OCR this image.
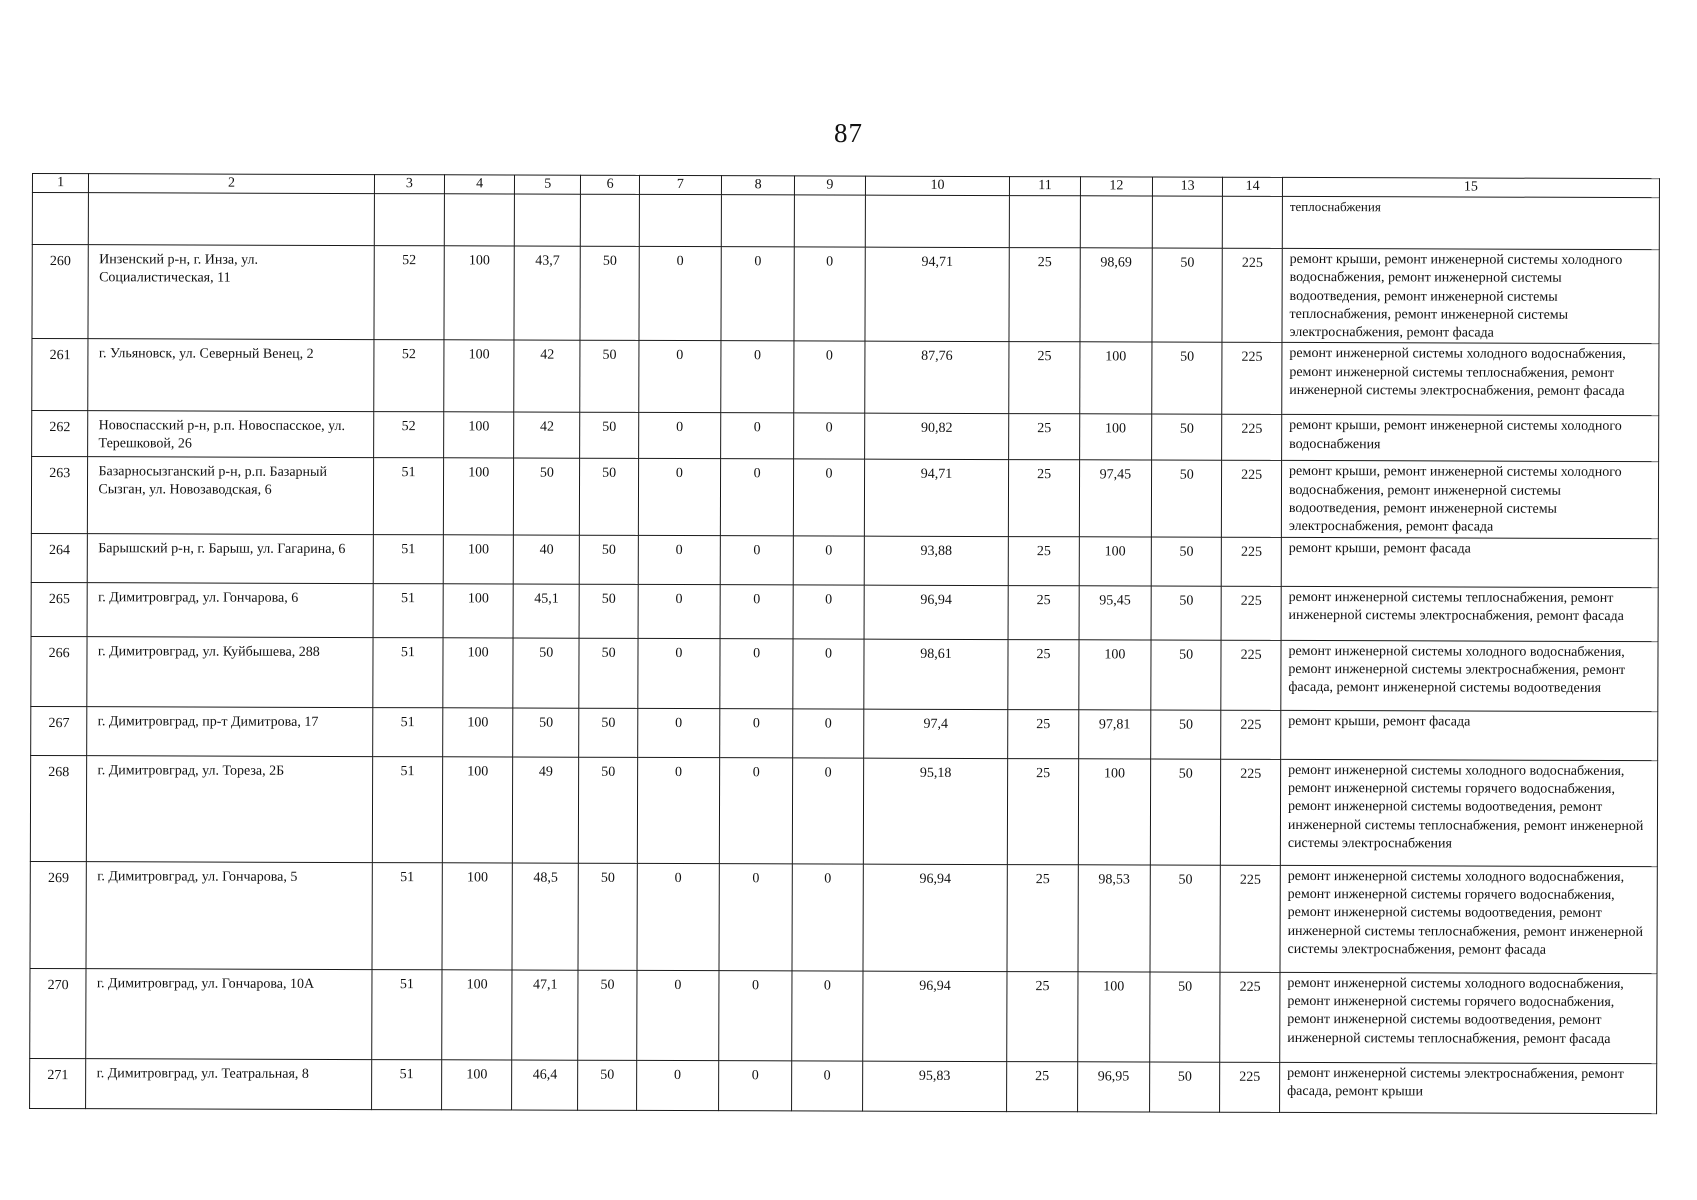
87
1	2	3	4	5	6	7	8	9	10	11	12	13	14	15
														теплоснабжения
260	Инзенский р-н, г. Инза, ул. Социалистическая, 11	52	100	43,7	50	0	0	0	94,71	25	98,69	50	225	ремонт крыши, ремонт инженерной системы холодного водоснабжения, ремонт инженерной системы водоотведения, ремонт инженерной системы теплоснабжения, ремонт инженерной системы электроснабжения, ремонт фасада
261	г. Ульяновск, ул. Северный Венец, 2	52	100	42	50	0	0	0	87,76	25	100	50	225	ремонт инженерной системы холодного водоснабжения, ремонт инженерной системы теплоснабжения, ремонт инженерной системы электроснабжения, ремонт фасада
262	Новоспасский р-н, р.п. Новоспасское, ул. Терешковой, 26	52	100	42	50	0	0	0	90,82	25	100	50	225	ремонт крыши, ремонт инженерной системы холодного водоснабжения
263	Базарносызганский р-н, р.п. Базарный Сызган, ул. Новозаводская, 6	51	100	50	50	0	0	0	94,71	25	97,45	50	225	ремонт крыши, ремонт инженерной системы холодного водоснабжения, ремонт инженерной системы водоотведения, ремонт инженерной системы электроснабжения, ремонт фасада
264	Барышский р-н, г. Барыш, ул. Гагарина, 6	51	100	40	50	0	0	0	93,88	25	100	50	225	ремонт крыши, ремонт фасада
265	г. Димитровград, ул. Гончарова, 6	51	100	45,1	50	0	0	0	96,94	25	95,45	50	225	ремонт инженерной системы теплоснабжения, ремонт инженерной системы электроснабжения, ремонт фасада
266	г. Димитровград, ул. Куйбышева, 288	51	100	50	50	0	0	0	98,61	25	100	50	225	ремонт инженерной системы холодного водоснабжения, ремонт инженерной системы электроснабжения, ремонт фасада, ремонт инженерной системы водоотведения
267	г. Димитровград, пр-т Димитрова, 17	51	100	50	50	0	0	0	97,4	25	97,81	50	225	ремонт крыши, ремонт фасада
268	г. Димитровград, ул. Тореза, 2Б	51	100	49	50	0	0	0	95,18	25	100	50	225	ремонт инженерной системы холодного водоснабжения, ремонт инженерной системы горячего водоснабжения, ремонт инженерной системы водоотведения, ремонт инженерной системы теплоснабжения, ремонт инженерной системы электроснабжения
269	г. Димитровград, ул. Гончарова, 5	51	100	48,5	50	0	0	0	96,94	25	98,53	50	225	ремонт инженерной системы холодного водоснабжения, ремонт инженерной системы горячего водоснабжения, ремонт инженерной системы водоотведения, ремонт инженерной системы теплоснабжения, ремонт инженерной системы электроснабжения, ремонт фасада
270	г. Димитровград, ул. Гончарова, 10А	51	100	47,1	50	0	0	0	96,94	25	100	50	225	ремонт инженерной системы холодного водоснабжения, ремонт инженерной системы горячего водоснабжения, ремонт инженерной системы водоотведения, ремонт инженерной системы теплоснабжения, ремонт фасада
271	г. Димитровград, ул. Театральная, 8	51	100	46,4	50	0	0	0	95,83	25	96,95	50	225	ремонт инженерной системы электроснабжения, ремонт фасада, ремонт крыши
